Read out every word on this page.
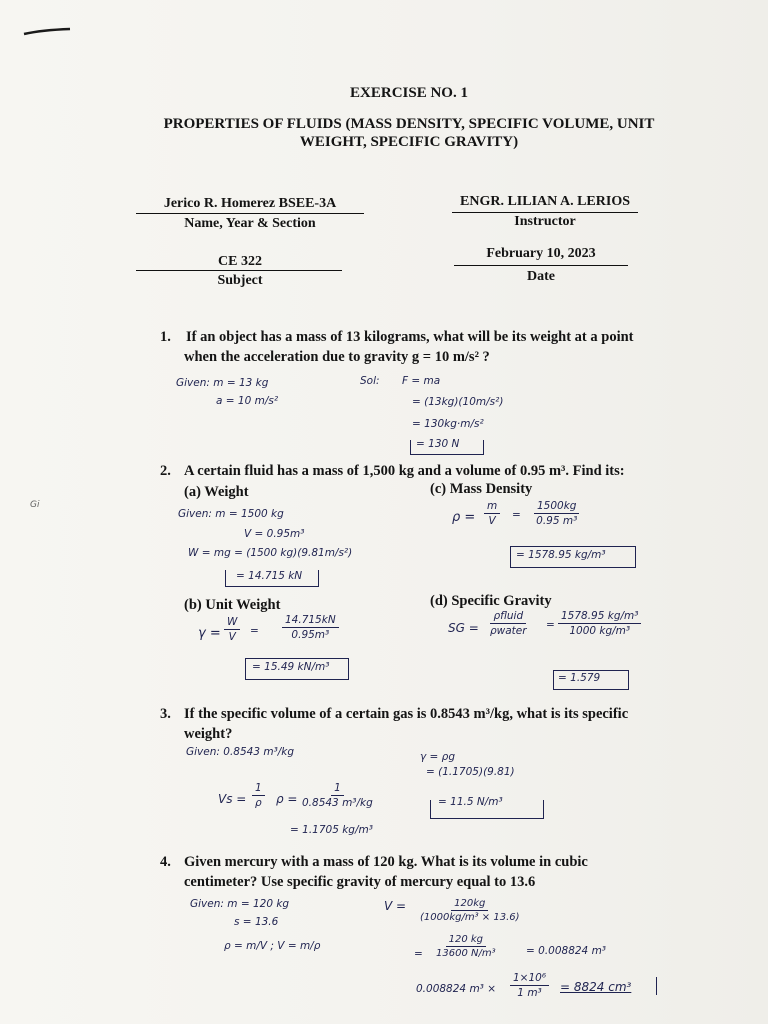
EXERCISE NO. 1
PROPERTIES OF FLUIDS (MASS DENSITY, SPECIFIC VOLUME, UNIT
WEIGHT, SPECIFIC GRAVITY)
Jerico R. Homerez BSEE-3A
Name, Year & Section
ENGR. LILIAN A. LERIOS
Instructor
CE 322
Subject
February 10, 2023
Date
1. If an object has a mass of 13 kilograms, what will be its weight at a point
when the acceleration due to gravity g = 10 m/s² ?
Given: m = 13 kg
a = 10 m/s²
Sol: F = ma
= (13kg)(10m/s²)
= 130kg·m/s²
= 130 N
2. A certain fluid has a mass of 1,500 kg and a volume of 0.95 m³. Find its:
(a) Weight	(c) Mass Density
Gi
Given: m = 1500 kg
V = 0.95m³
W = mg = (1500 kg)(9.81m/s²)
= 14.715 kN
$\rho = \frac{m}{V} = \frac{1500kg}{\text{0.95 m³}}$
= 1578.95 kg/m³
(b) Unit Weight	(d) Specific Gravity
$\gamma = \frac{W}{V} = \frac{14.715kN}{\text{0.95m³}}$
= 15.49 kN/m³
SG =
ρfluid
ρwater = $\frac{\text{1578.95 kg/m³}}{\text{1000 kg/m³}}$
= 1.579
3. If the specific volume of a certain gas is 0.8543 m³/kg, what is its specific
weight?
Given: 0.8543 m³/kg
$Vs = \frac{1}{\rho}$ $\rho = \frac{1}{\text{0.8543 m³/kg}}$
= 1.1705 kg/m³
γ = ρg
= (1.1705)(9.81)
= 11.5 N/m³
4. Given mercury with a mass of 120 kg. What is its volume in cubic
centimeter? Use specific gravity of mercury equal to 13.6
Given: m = 120 kg
s = 13.6
ρ = m/V ; V = m/ρ
$V = \frac{120kg}{\text{(1000kg/m³ × 13.6)}}$
= $\frac{120 kg}{\text{13600 N/m³}}$	= 0.008824 m³
0.008824 $m^3 \times \frac{\text{1×10⁶}}{\text{1 m³}} = 8824$ cm³
